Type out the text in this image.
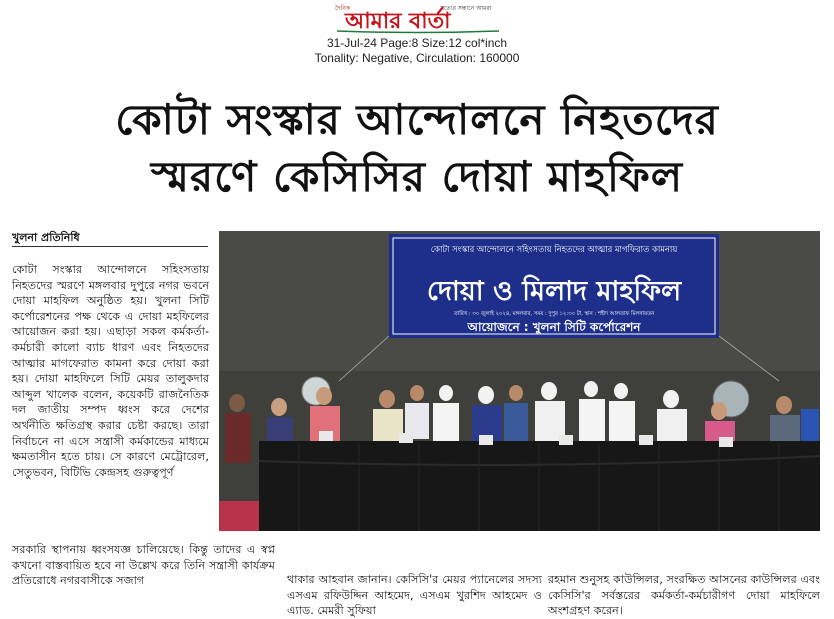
দৈনিক	সত্যের সন্ধানে আমরা
আমার বার্তা
31-Jul-24 Page:8 Size:12 col*inch
Tonality: Negative, Circulation: 160000
কোটা সংস্কার আন্দোলনে নিহতদের
স্মরণে কেসিসির দোয়া মাহফিল
খুলনা প্রতিনিধি

কোটা সংস্কার আন্দোলনে সহিংসতায় নিহতদের স্মরণে মঙ্গলবার দুপুরে নগর ভবনে দোয়া মাহফিল অনুষ্ঠিত হয়। খুলনা সিটি কর্পোরেশনের পক্ষ থেকে এ দোয়া মহফিলের আয়োজন করা হয়। এছাড়া সকল কর্মকর্তা-কর্মচারী কালো ব্যাচ ধারণ এবং নিহতদের আত্মার মাগফেরাত কামনা করে দোয়া করা হয়। দোয়া মাহফিলে সিটি মেয়র তালুকদার আব্দুল খালেক বলেন, কয়েকটি রাজনৈতিক দল জাতীয় সম্পদ ধ্বংস করে দেশের অর্থনীতি ক্ষতিগ্রস্থ করার চেষ্টা করছে। তারা নির্বাচনে না এসে সন্ত্রাসী কর্মকান্ডের মাধ্যমে ক্ষমতাসীন হতে চায়। সে কারণে মেট্রোরেল, সেতুভবন, বিটিভি কেন্দ্রসহ গুরুত্বপূর্ণ

সরকারি স্থাপনায় ধ্বংসযজ্ঞ চালিয়েছে। কিন্তু তাদের এ স্বপ্ন কখনো বাস্তবায়িত হবে না উল্লেখ করে তিনি সন্ত্রাসী কার্যক্রম প্রতিরোধে নগরবাসীকে সজাগ	থাকার আহবান জানান। কেসিসি'র মেয়র প্যানেলের সদস্য এসএম রফিউদ্দিন আহমেদ, এসএম খুরশিদ আহমেদ ও এ্যাড. মেমরী সুফিয়া

রহমান শুনুসহ কাউন্সিলর, সংরক্ষিত আসনের কাউন্সিলর এবং কেসিসি'র সর্বস্তরের কর্মকর্তা-কর্মচারীগণ দোয়া মাহফিলে অংশগ্রহণ করেন।

কোটা সংস্কার আন্দোলনে সহিংসতায় নিহতদের আত্মার মাগফিরাত কামনায়
দোয়া ও মিলাদ মাহফিল
তারিখ : ৩০ জুলাই ২০২৪, মঙ্গলবার, সময় : দুপুর ১২:৩০ টা, স্থান : শহীদ আলতাফ মিলনায়তন
আয়োজনে : খুলনা সিটি কর্পোরেশন
